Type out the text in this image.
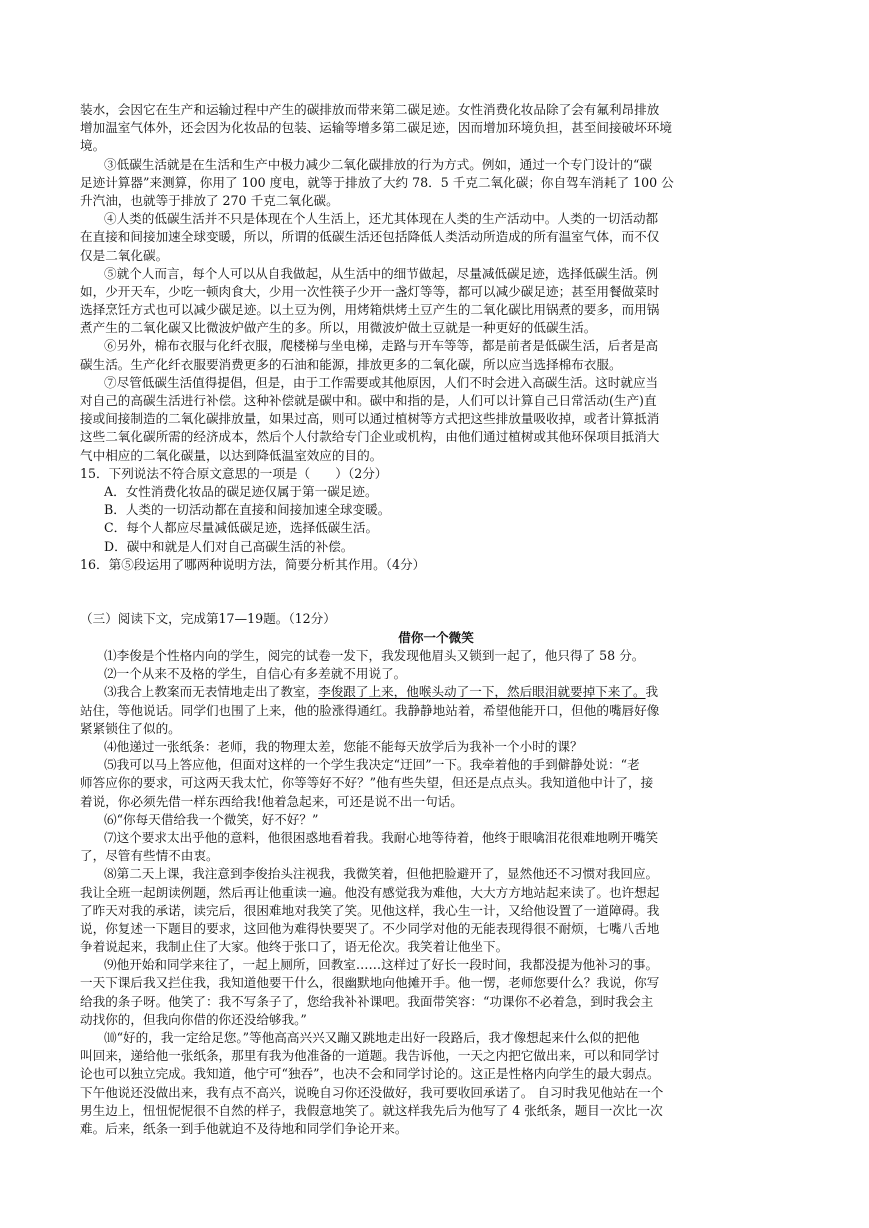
装水，会因它在生产和运输过程中产生的碳排放而带来第二碳足迹。女性消费化妆品除了会有氟利昂排放
增加温室气体外，还会因为化妆品的包装、运输等增多第二碳足迹，因而增加环境负担，甚至间接破坏环境
境。
③低碳生活就是在生活和生产中极力减少二氧化碳排放的行为方式。例如，通过一个专门设计的“碳
足迹计算器”来测算，你用了 100 度电，就等于排放了大约 78．5 千克二氧化碳；你自驾车消耗了 100 公
升汽油，也就等于排放了 270 千克二氧化碳。
④人类的低碳生活并不只是体现在个人生活上，还尤其体现在人类的生产活动中。人类的一切活动都
在直接和间接加速全球变暖，所以，所谓的低碳生活还包括降低人类活动所造成的所有温室气体，而不仅
仅是二氧化碳。
⑤就个人而言，每个人可以从自我做起，从生活中的细节做起，尽量减低碳足迹，选择低碳生活。例
如，少开天车，少吃一顿肉食大，少用一次性筷子少开一盏灯等等，都可以减少碳足迹；甚至用餐做菜时
选择烹饪方式也可以减少碳足迹。以土豆为例，用烤箱烘烤土豆产生的二氧化碳比用锅煮的要多，而用锅
煮产生的二氧化碳又比微波炉做产生的多。所以，用微波炉做土豆就是一种更好的低碳生活。
⑥另外，棉布衣服与化纤衣服，爬楼梯与坐电梯，走路与开车等等，都是前者是低碳生活，后者是高
碳生活。生产化纤衣服要消费更多的石油和能源，排放更多的二氧化碳，所以应当选择棉布衣服。
⑦尽管低碳生活值得提倡，但是，由于工作需要或其他原因，人们不时会进入高碳生活。这时就应当
对自己的高碳生活进行补偿。这种补偿就是碳中和。碳中和指的是，人们可以计算自己日常活动(生产)直
接或间接制造的二氧化碳排放量，如果过高，则可以通过植树等方式把这些排放量吸收掉，或者计算抵消
这些二氧化碳所需的经济成本，然后个人付款给专门企业或机构，由他们通过植树或其他环保项目抵消大
气中相应的二氧化碳量，以达到降低温室效应的目的。
15．下列说法不符合原文意思的一项是（　　）（2分）
A．女性消费化妆品的碳足迹仅属于第一碳足迹。
B．人类的一切活动都在直接和间接加速全球变暖。
C．每个人都应尽量减低碳足迹，选择低碳生活。
D．碳中和就是人们对自己高碳生活的补偿。
16．第⑤段运用了哪两种说明方法，简要分析其作用。（4分）
（三）阅读下文，完成第17—19题。（12分）
借你一个微笑
⑴李俊是个性格内向的学生，阅完的试卷一发下，我发现他眉头又锁到一起了，他只得了 58 分。
⑵一个从来不及格的学生，自信心有多差就不用说了。
⑶我合上教案而无表情地走出了教室，李俊跟了上来，他喉头动了一下，然后眼泪就要掉下来了。我
站住，等他说话。同学们也围了上来，他的脸涨得通红。我静静地站着，希望他能开口，但他的嘴唇好像
紧紧锁住了似的。
⑷他递过一张纸条：老师，我的物理太差，您能不能每天放学后为我补一个小时的课？
⑸我可以马上答应他，但面对这样的一个学生我决定“迂回”一下。我牵着他的手到僻静处说：“老
师答应你的要求，可这两天我太忙，你等等好不好？”他有些失望，但还是点点头。我知道他中计了，接
着说，你必须先借一样东西给我!他着急起来，可还是说不出一句话。
⑹“你每天借给我一个微笑，好不好？”
⑺这个要求太出乎他的意料，他很困惑地看着我。我耐心地等待着，他终于眼噙泪花很难地咧开嘴笑
了，尽管有些情不由衷。
⑻第二天上课，我注意到李俊抬头注视我，我微笑着，但他把脸避开了，显然他还不习惯对我回应。
我让全班一起朗读例题，然后再让他重读一遍。他没有感觉我为难他，大大方方地站起来读了。也许想起
了昨天对我的承诺，读完后，很困难地对我笑了笑。见他这样，我心生一计，又给他设置了一道障碍。我
说，你复述一下题目的要求，这回他为难得快要哭了。不少同学对他的无能表现得很不耐烦，七嘴八舌地
争着说起来，我制止住了大家。他终于张口了，语无伦次。我笑着让他坐下。
⑼他开始和同学来往了，一起上厕所，回教室……这样过了好长一段时间，我都没提为他补习的事。
一天下课后我又拦住我，我知道他要干什么，很幽默地向他摊开手。他一愣，老师您要什么？我说，你写
给我的条子呀。他笑了：我不写条子了，您给我补补课吧。我面带笑容：“功课你不必着急，到时我会主
动找你的，但我向你借的你还没给够我。”
⑽“好的，我一定给足您。”等他高高兴兴又蹦又跳地走出好一段路后，我才像想起来什么似的把他
叫回来，递给他一张纸条，那里有我为他准备的一道题。我告诉他，一天之内把它做出来，可以和同学讨
论也可以独立完成。我知道，他宁可“独吞”，也决不会和同学讨论的。这正是性格内向学生的最大弱点。
下午他说还没做出来，我有点不高兴，说晚自习你还没做好，我可要收回承诺了。 自习时我见他站在一个
男生边上，忸忸怩怩很不自然的样子，我假意地笑了。就这样我先后为他写了 4 张纸条，题目一次比一次
难。后来，纸条一到手他就迫不及待地和同学们争论开来。
